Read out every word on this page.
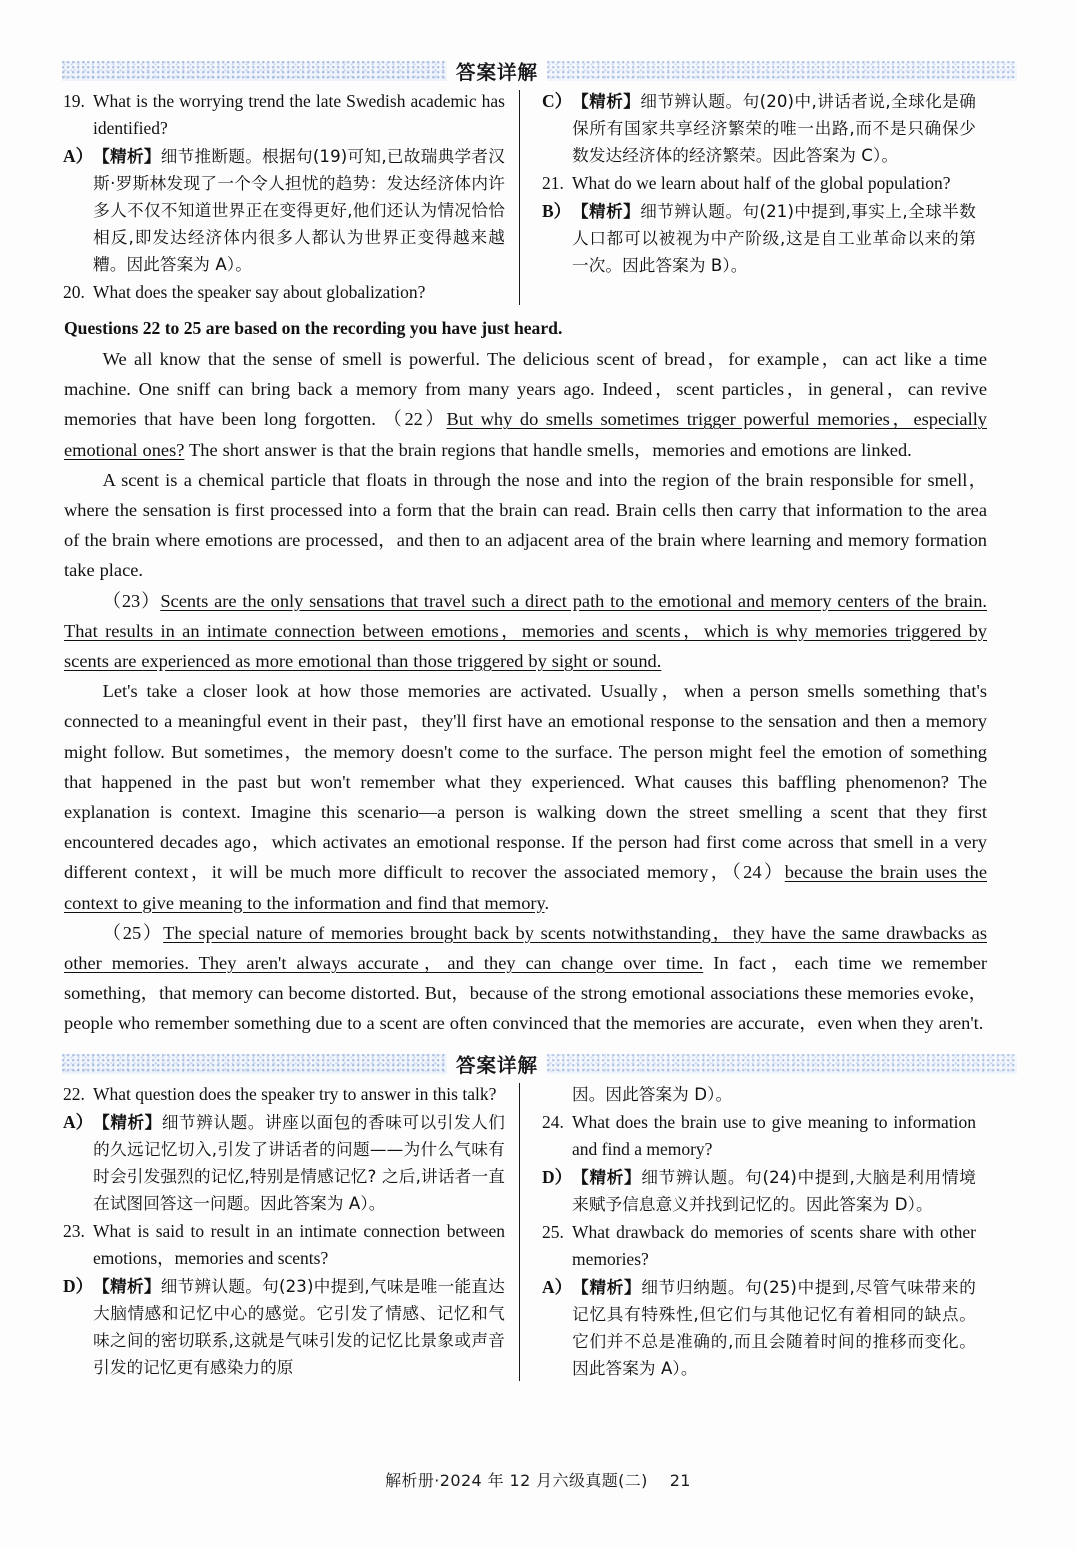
答案详解
19. What is the worrying trend the late Swedish academic has identified?
A） 【精析】细节推断题。根据句(19)可知,已故瑞典学者汉斯·罗斯林发现了一个令人担忧的趋势：发达经济体内许多人不仅不知道世界正在变得更好,他们还认为情况恰恰相反,即发达经济体内很多人都认为世界正变得越来越糟。因此答案为 A）。
20. What does the speaker say about globalization?
C） 【精析】细节辨认题。句(20)中,讲话者说,全球化是确保所有国家共享经济繁荣的唯一出路,而不是只确保少数发达经济体的经济繁荣。因此答案为 C）。
21. What do we learn about half of the global population?
B） 【精析】细节辨认题。句(21)中提到,事实上,全球半数人口都可以被视为中产阶级,这是自工业革命以来的第一次。因此答案为 B）。
Questions 22 to 25 are based on the recording you have just heard.

We all know that the sense of smell is powerful. The delicious scent of bread，for example，can act like a time machine. One sniff can bring back a memory from many years ago. Indeed，scent particles，in general，can revive memories that have been long forgotten. （22）But why do smells sometimes trigger powerful memories，especially emotional ones? The short answer is that the brain regions that handle smells，memories and emotions are linked.

A scent is a chemical particle that floats in through the nose and into the region of the brain responsible for smell，where the sensation is first processed into a form that the brain can read. Brain cells then carry that information to the area of the brain where emotions are processed，and then to an adjacent area of the brain where learning and memory formation take place.

（23）Scents are the only sensations that travel such a direct path to the emotional and memory centers of the brain. That results in an intimate connection between emotions，memories and scents，which is why memories triggered by scents are experienced as more emotional than those triggered by sight or sound.

Let's take a closer look at how those memories are activated. Usually，when a person smells something that's connected to a meaningful event in their past，they'll first have an emotional response to the sensation and then a memory might follow. But sometimes，the memory doesn't come to the surface. The person might feel the emotion of something that happened in the past but won't remember what they experienced. What causes this baffling phenomenon? The explanation is context. Imagine this scenario—a person is walking down the street smelling a scent that they first encountered decades ago，which activates an emotional response. If the person had first come across that smell in a very different context，it will be much more difficult to recover the associated memory，（24）because the brain uses the context to give meaning to the information and find that memory.

（25）The special nature of memories brought back by scents notwithstanding，they have the same drawbacks as other memories. They aren't always accurate，and they can change over time. In fact，each time we remember something，that memory can become distorted. But，because of the strong emotional associations these memories evoke，people who remember something due to a scent are often convinced that the memories are accurate，even when they aren't.

答案详解
22. What question does the speaker try to answer in this talk?
A） 【精析】细节辨认题。讲座以面包的香味可以引发人们的久远记忆切入,引发了讲话者的问题——为什么气味有时会引发强烈的记忆,特别是情感记忆? 之后,讲话者一直在试图回答这一问题。因此答案为 A）。
23. What is said to result in an intimate connection between emotions，memories and scents?
D） 【精析】细节辨认题。句(23)中提到,气味是唯一能直达大脑情感和记忆中心的感觉。它引发了情感、记忆和气味之间的密切联系,这就是气味引发的记忆比景象或声音引发的记忆更有感染力的原
因。因此答案为 D）。
24. What does the brain use to give meaning to information and find a memory?
D） 【精析】细节辨认题。句(24)中提到,大脑是利用情境来赋予信息意义并找到记忆的。因此答案为 D）。
25. What drawback do memories of scents share with other memories?
A） 【精析】细节归纳题。句(25)中提到,尽管气味带来的记忆具有特殊性,但它们与其他记忆有着相同的缺点。它们并不总是准确的,而且会随着时间的推移而变化。因此答案为 A）。
解析册·2024 年 12 月六级真题(二)　 21
